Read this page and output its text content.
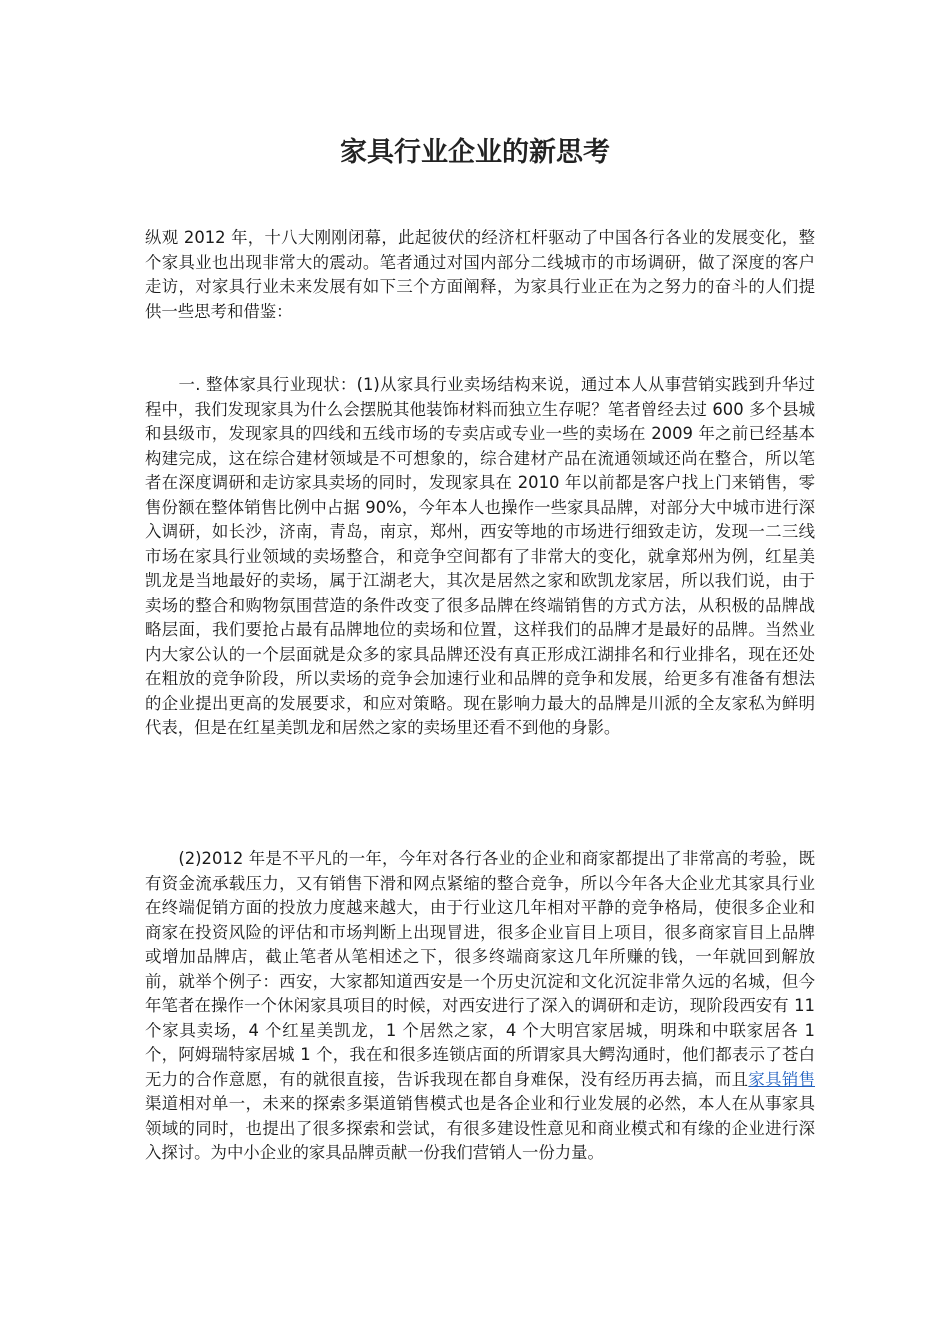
家具行业企业的新思考

纵观 2012 年，十八大刚刚闭幕，此起彼伏的经济杠杆驱动了中国各行各业的发展变化，整个家具业也出现非常大的震动。笔者通过对国内部分二线城市的市场调研，做了深度的客户走访，对家具行业未来发展有如下三个方面阐释，为家具行业正在为之努力的奋斗的人们提供一些思考和借鉴：

　　一. 整体家具行业现状：(1)从家具行业卖场结构来说，通过本人从事营销实践到升华过程中，我们发现家具为什么会摆脱其他装饰材料而独立生存呢？笔者曾经去过 600 多个县城和县级市，发现家具的四线和五线市场的专卖店或专业一些的卖场在 2009 年之前已经基本构建完成，这在综合建材领域是不可想象的，综合建材产品在流通领域还尚在整合，所以笔者在深度调研和走访家具卖场的同时，发现家具在 2010 年以前都是客户找上门来销售，零售份额在整体销售比例中占据 90%，今年本人也操作一些家具品牌，对部分大中城市进行深入调研，如长沙，济南，青岛，南京，郑州，西安等地的市场进行细致走访，发现一二三线市场在家具行业领域的卖场整合，和竞争空间都有了非常大的变化，就拿郑州为例，红星美凯龙是当地最好的卖场，属于江湖老大，其次是居然之家和欧凯龙家居，所以我们说，由于卖场的整合和购物氛围营造的条件改变了很多品牌在终端销售的方式方法，从积极的品牌战略层面，我们要抢占最有品牌地位的卖场和位置，这样我们的品牌才是最好的品牌。当然业内大家公认的一个层面就是众多的家具品牌还没有真正形成江湖排名和行业排名，现在还处在粗放的竞争阶段，所以卖场的竞争会加速行业和品牌的竞争和发展，给更多有准备有想法的企业提出更高的发展要求，和应对策略。现在影响力最大的品牌是川派的全友家私为鲜明代表，但是在红星美凯龙和居然之家的卖场里还看不到他的身影。

　　(2)2012 年是不平凡的一年，今年对各行各业的企业和商家都提出了非常高的考验，既有资金流承载压力，又有销售下滑和网点紧缩的整合竞争，所以今年各大企业尤其家具行业在终端促销方面的投放力度越来越大，由于行业这几年相对平静的竞争格局，使很多企业和商家在投资风险的评估和市场判断上出现冒进，很多企业盲目上项目，很多商家盲目上品牌或增加品牌店，截止笔者从笔相述之下，很多终端商家这几年所赚的钱，一年就回到解放前，就举个例子：西安，大家都知道西安是一个历史沉淀和文化沉淀非常久远的名城，但今年笔者在操作一个休闲家具项目的时候，对西安进行了深入的调研和走访，现阶段西安有 11 个家具卖场，4 个红星美凯龙，1 个居然之家，4 个大明宫家居城，明珠和中联家居各 1 个，阿姆瑞特家居城 1 个，我在和很多连锁店面的所谓家具大鳄沟通时，他们都表示了苍白无力的合作意愿，有的就很直接，告诉我现在都自身难保，没有经历再去搞，而且家具销售渠道相对单一，未来的探索多渠道销售模式也是各企业和行业发展的必然，本人在从事家具领域的同时，也提出了很多探索和尝试，有很多建设性意见和商业模式和有缘的企业进行深入探讨。为中小企业的家具品牌贡献一份我们营销人一份力量。
